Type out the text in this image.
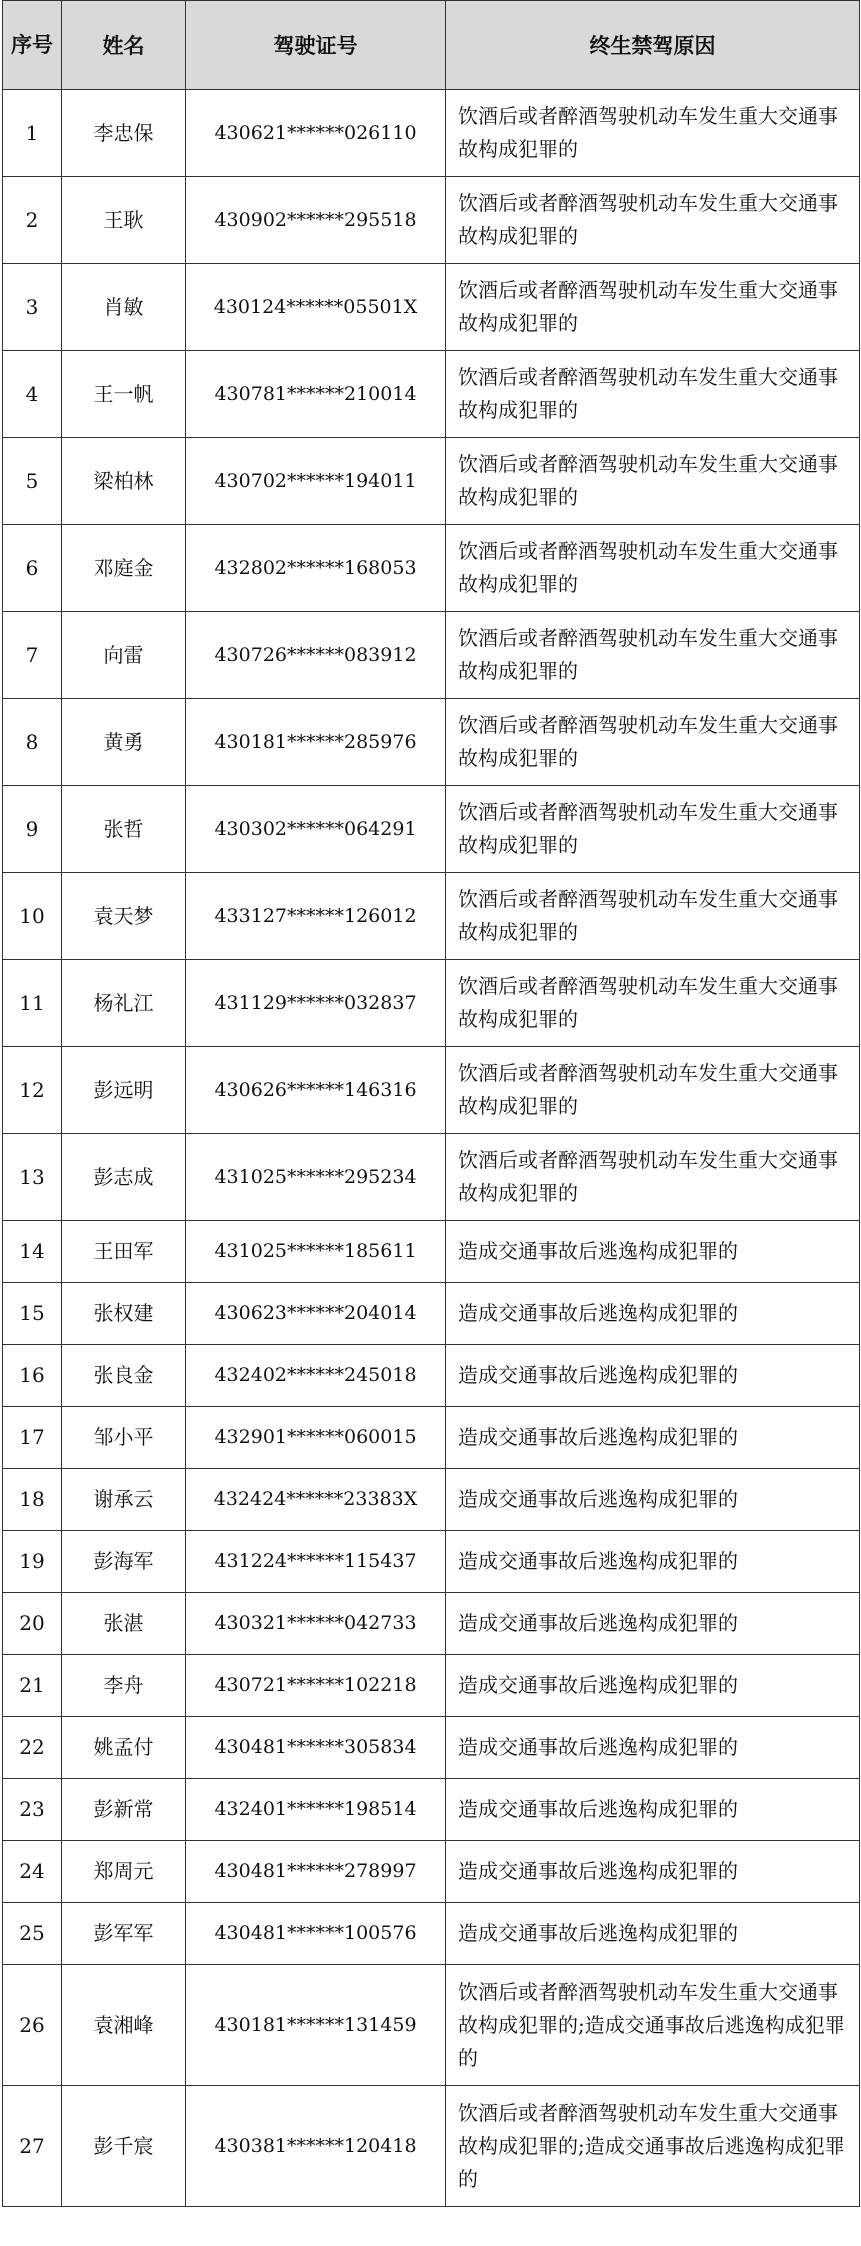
序号	姓名	驾驶证号	终生禁驾原因
1	李忠保	430621******026110	饮酒后或者醉酒驾驶机动车发生重大交通事故构成犯罪的
2	王耿	430902******295518	饮酒后或者醉酒驾驶机动车发生重大交通事故构成犯罪的
3	肖敏	430124******05501X	饮酒后或者醉酒驾驶机动车发生重大交通事故构成犯罪的
4	王一帆	430781******210014	饮酒后或者醉酒驾驶机动车发生重大交通事故构成犯罪的
5	梁柏林	430702******194011	饮酒后或者醉酒驾驶机动车发生重大交通事故构成犯罪的
6	邓庭金	432802******168053	饮酒后或者醉酒驾驶机动车发生重大交通事故构成犯罪的
7	向雷	430726******083912	饮酒后或者醉酒驾驶机动车发生重大交通事故构成犯罪的
8	黄勇	430181******285976	饮酒后或者醉酒驾驶机动车发生重大交通事故构成犯罪的
9	张哲	430302******064291	饮酒后或者醉酒驾驶机动车发生重大交通事故构成犯罪的
10	袁天梦	433127******126012	饮酒后或者醉酒驾驶机动车发生重大交通事故构成犯罪的
11	杨礼江	431129******032837	饮酒后或者醉酒驾驶机动车发生重大交通事故构成犯罪的
12	彭远明	430626******146316	饮酒后或者醉酒驾驶机动车发生重大交通事故构成犯罪的
13	彭志成	431025******295234	饮酒后或者醉酒驾驶机动车发生重大交通事故构成犯罪的
14	王田军	431025******185611	造成交通事故后逃逸构成犯罪的
15	张权建	430623******204014	造成交通事故后逃逸构成犯罪的
16	张良金	432402******245018	造成交通事故后逃逸构成犯罪的
17	邹小平	432901******060015	造成交通事故后逃逸构成犯罪的
18	谢承云	432424******23383X	造成交通事故后逃逸构成犯罪的
19	彭海军	431224******115437	造成交通事故后逃逸构成犯罪的
20	张湛	430321******042733	造成交通事故后逃逸构成犯罪的
21	李舟	430721******102218	造成交通事故后逃逸构成犯罪的
22	姚孟付	430481******305834	造成交通事故后逃逸构成犯罪的
23	彭新常	432401******198514	造成交通事故后逃逸构成犯罪的
24	郑周元	430481******278997	造成交通事故后逃逸构成犯罪的
25	彭军军	430481******100576	造成交通事故后逃逸构成犯罪的
26	袁湘峰	430181******131459	饮酒后或者醉酒驾驶机动车发生重大交通事故构成犯罪的;造成交通事故后逃逸构成犯罪的
27	彭千宸	430381******120418	饮酒后或者醉酒驾驶机动车发生重大交通事故构成犯罪的;造成交通事故后逃逸构成犯罪的
